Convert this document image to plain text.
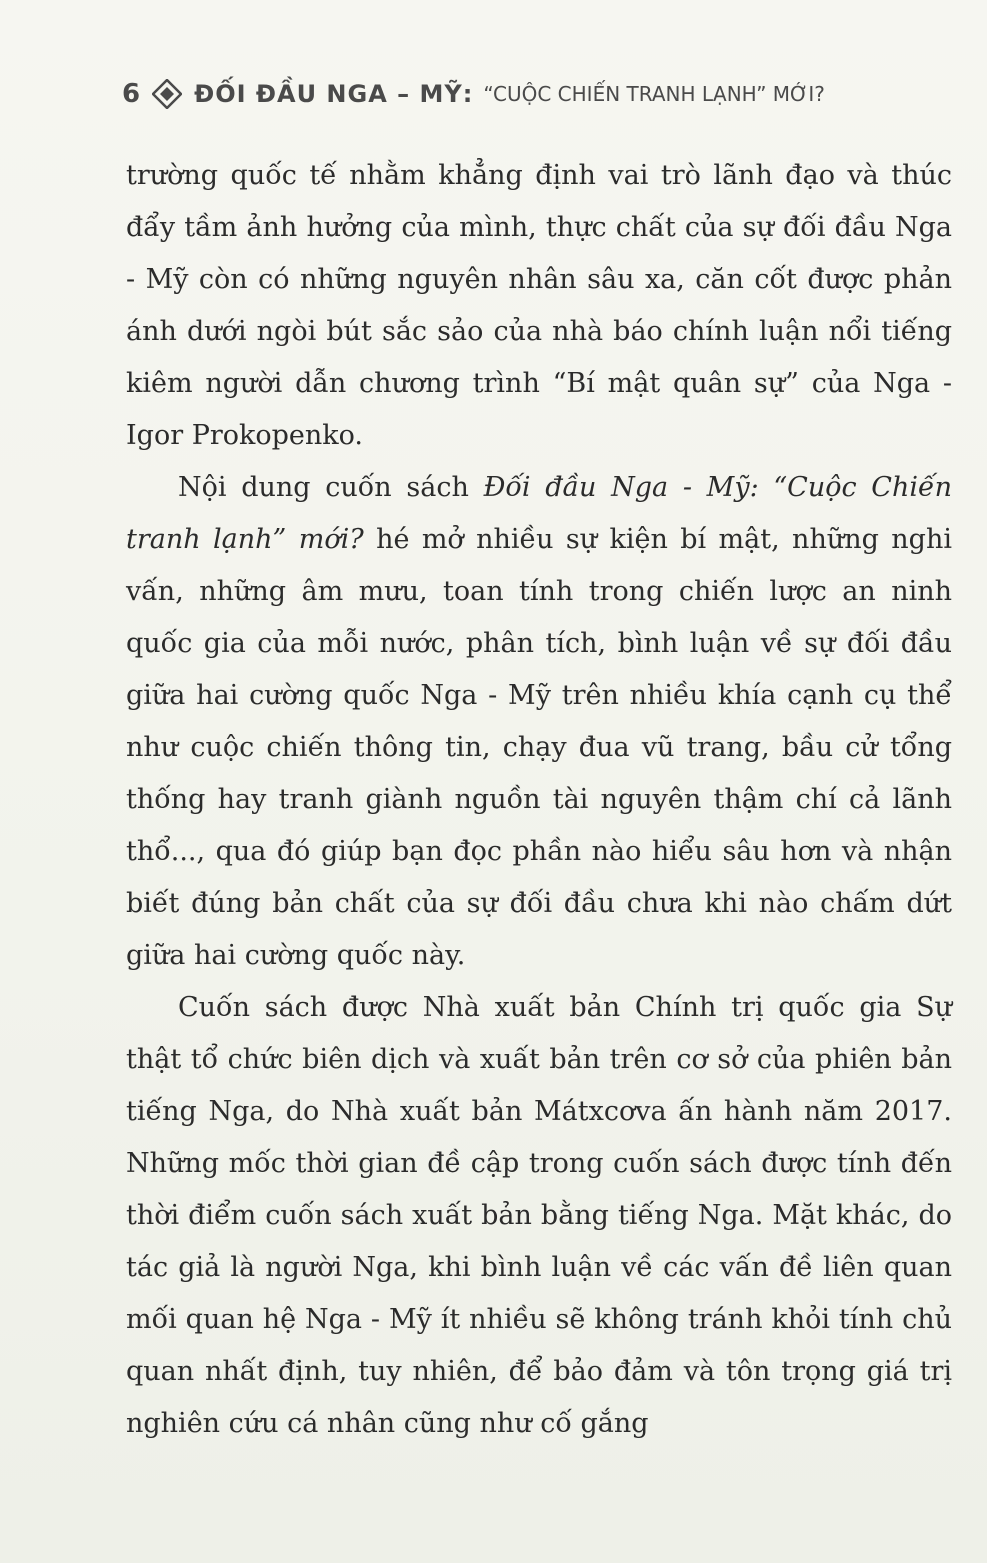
6 ĐỐI ĐẦU NGA – MỸ: “CUỘC CHIẾN TRANH LẠNH” MỚI?

trường quốc tế nhằm khẳng định vai trò lãnh đạo và thúc đẩy tầm ảnh hưởng của mình, thực chất của sự đối đầu Nga - Mỹ còn có những nguyên nhân sâu xa, căn cốt được phản ánh dưới ngòi bút sắc sảo của nhà báo chính luận nổi tiếng kiêm người dẫn chương trình “Bí mật quân sự” của Nga - Igor Prokopenko.

Nội dung cuốn sách Đối đầu Nga - Mỹ: “Cuộc Chiến tranh lạnh” mới? hé mở nhiều sự kiện bí mật, những nghi vấn, những âm mưu, toan tính trong chiến lược an ninh quốc gia của mỗi nước, phân tích, bình luận về sự đối đầu giữa hai cường quốc Nga - Mỹ trên nhiều khía cạnh cụ thể như cuộc chiến thông tin, chạy đua vũ trang, bầu cử tổng thống hay tranh giành nguồn tài nguyên thậm chí cả lãnh thổ..., qua đó giúp bạn đọc phần nào hiểu sâu hơn và nhận biết đúng bản chất của sự đối đầu chưa khi nào chấm dứt giữa hai cường quốc này.

Cuốn sách được Nhà xuất bản Chính trị quốc gia Sự thật tổ chức biên dịch và xuất bản trên cơ sở của phiên bản tiếng Nga, do Nhà xuất bản Mátxcơva ấn hành năm 2017. Những mốc thời gian đề cập trong cuốn sách được tính đến thời điểm cuốn sách xuất bản bằng tiếng Nga. Mặt khác, do tác giả là người Nga, khi bình luận về các vấn đề liên quan mối quan hệ Nga - Mỹ ít nhiều sẽ không tránh khỏi tính chủ quan nhất định, tuy nhiên, để bảo đảm và tôn trọng giá trị nghiên cứu cá nhân cũng như cố gắng
